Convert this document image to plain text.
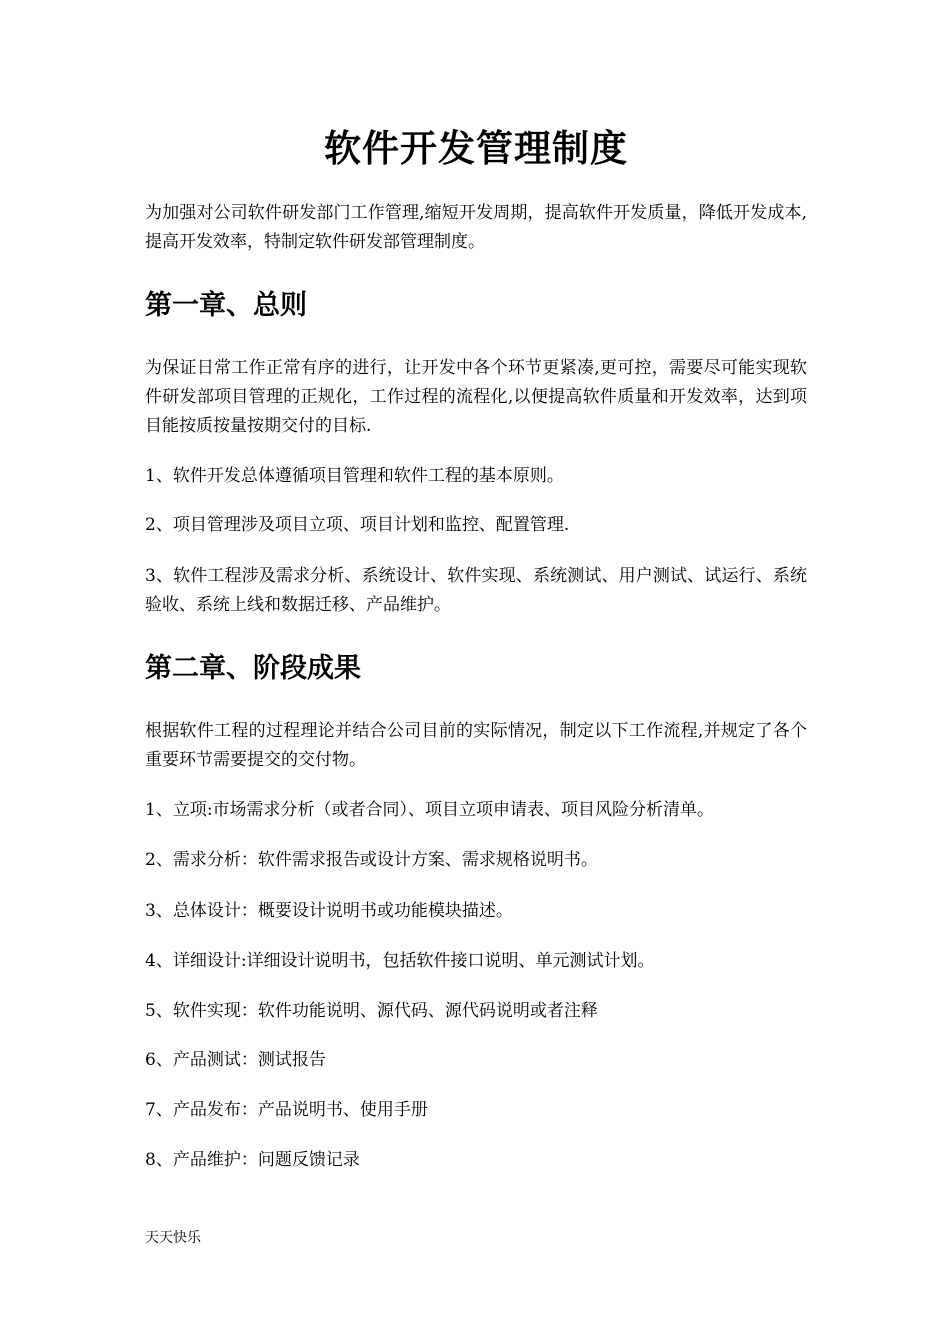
软件开发管理制度

为加强对公司软件研发部门工作管理,缩短开发周期，提高软件开发质量，降低开发成本,提高开发效率，特制定软件研发部管理制度。

第一章、总则

为保证日常工作正常有序的进行，让开发中各个环节更紧凑,更可控，需要尽可能实现软件研发部项目管理的正规化，工作过程的流程化,以便提高软件质量和开发效率，达到项目能按质按量按期交付的目标.

1、软件开发总体遵循项目管理和软件工程的基本原则。

2、项目管理涉及项目立项、项目计划和监控、配置管理.

3、软件工程涉及需求分析、系统设计、软件实现、系统测试、用户测试、试运行、系统验收、系统上线和数据迁移、产品维护。

第二章、阶段成果

根据软件工程的过程理论并结合公司目前的实际情况，制定以下工作流程,并规定了各个重要环节需要提交的交付物。

1、立项:市场需求分析（或者合同）、项目立项申请表、项目风险分析清单。

2、需求分析：软件需求报告或设计方案、需求规格说明书。

3、总体设计：概要设计说明书或功能模块描述。

4、详细设计:详细设计说明书，包括软件接口说明、单元测试计划。

5、软件实现：软件功能说明、源代码、源代码说明或者注释

6、产品测试：测试报告

7、产品发布：产品说明书、使用手册

8、产品维护：问题反馈记录

天天快乐
